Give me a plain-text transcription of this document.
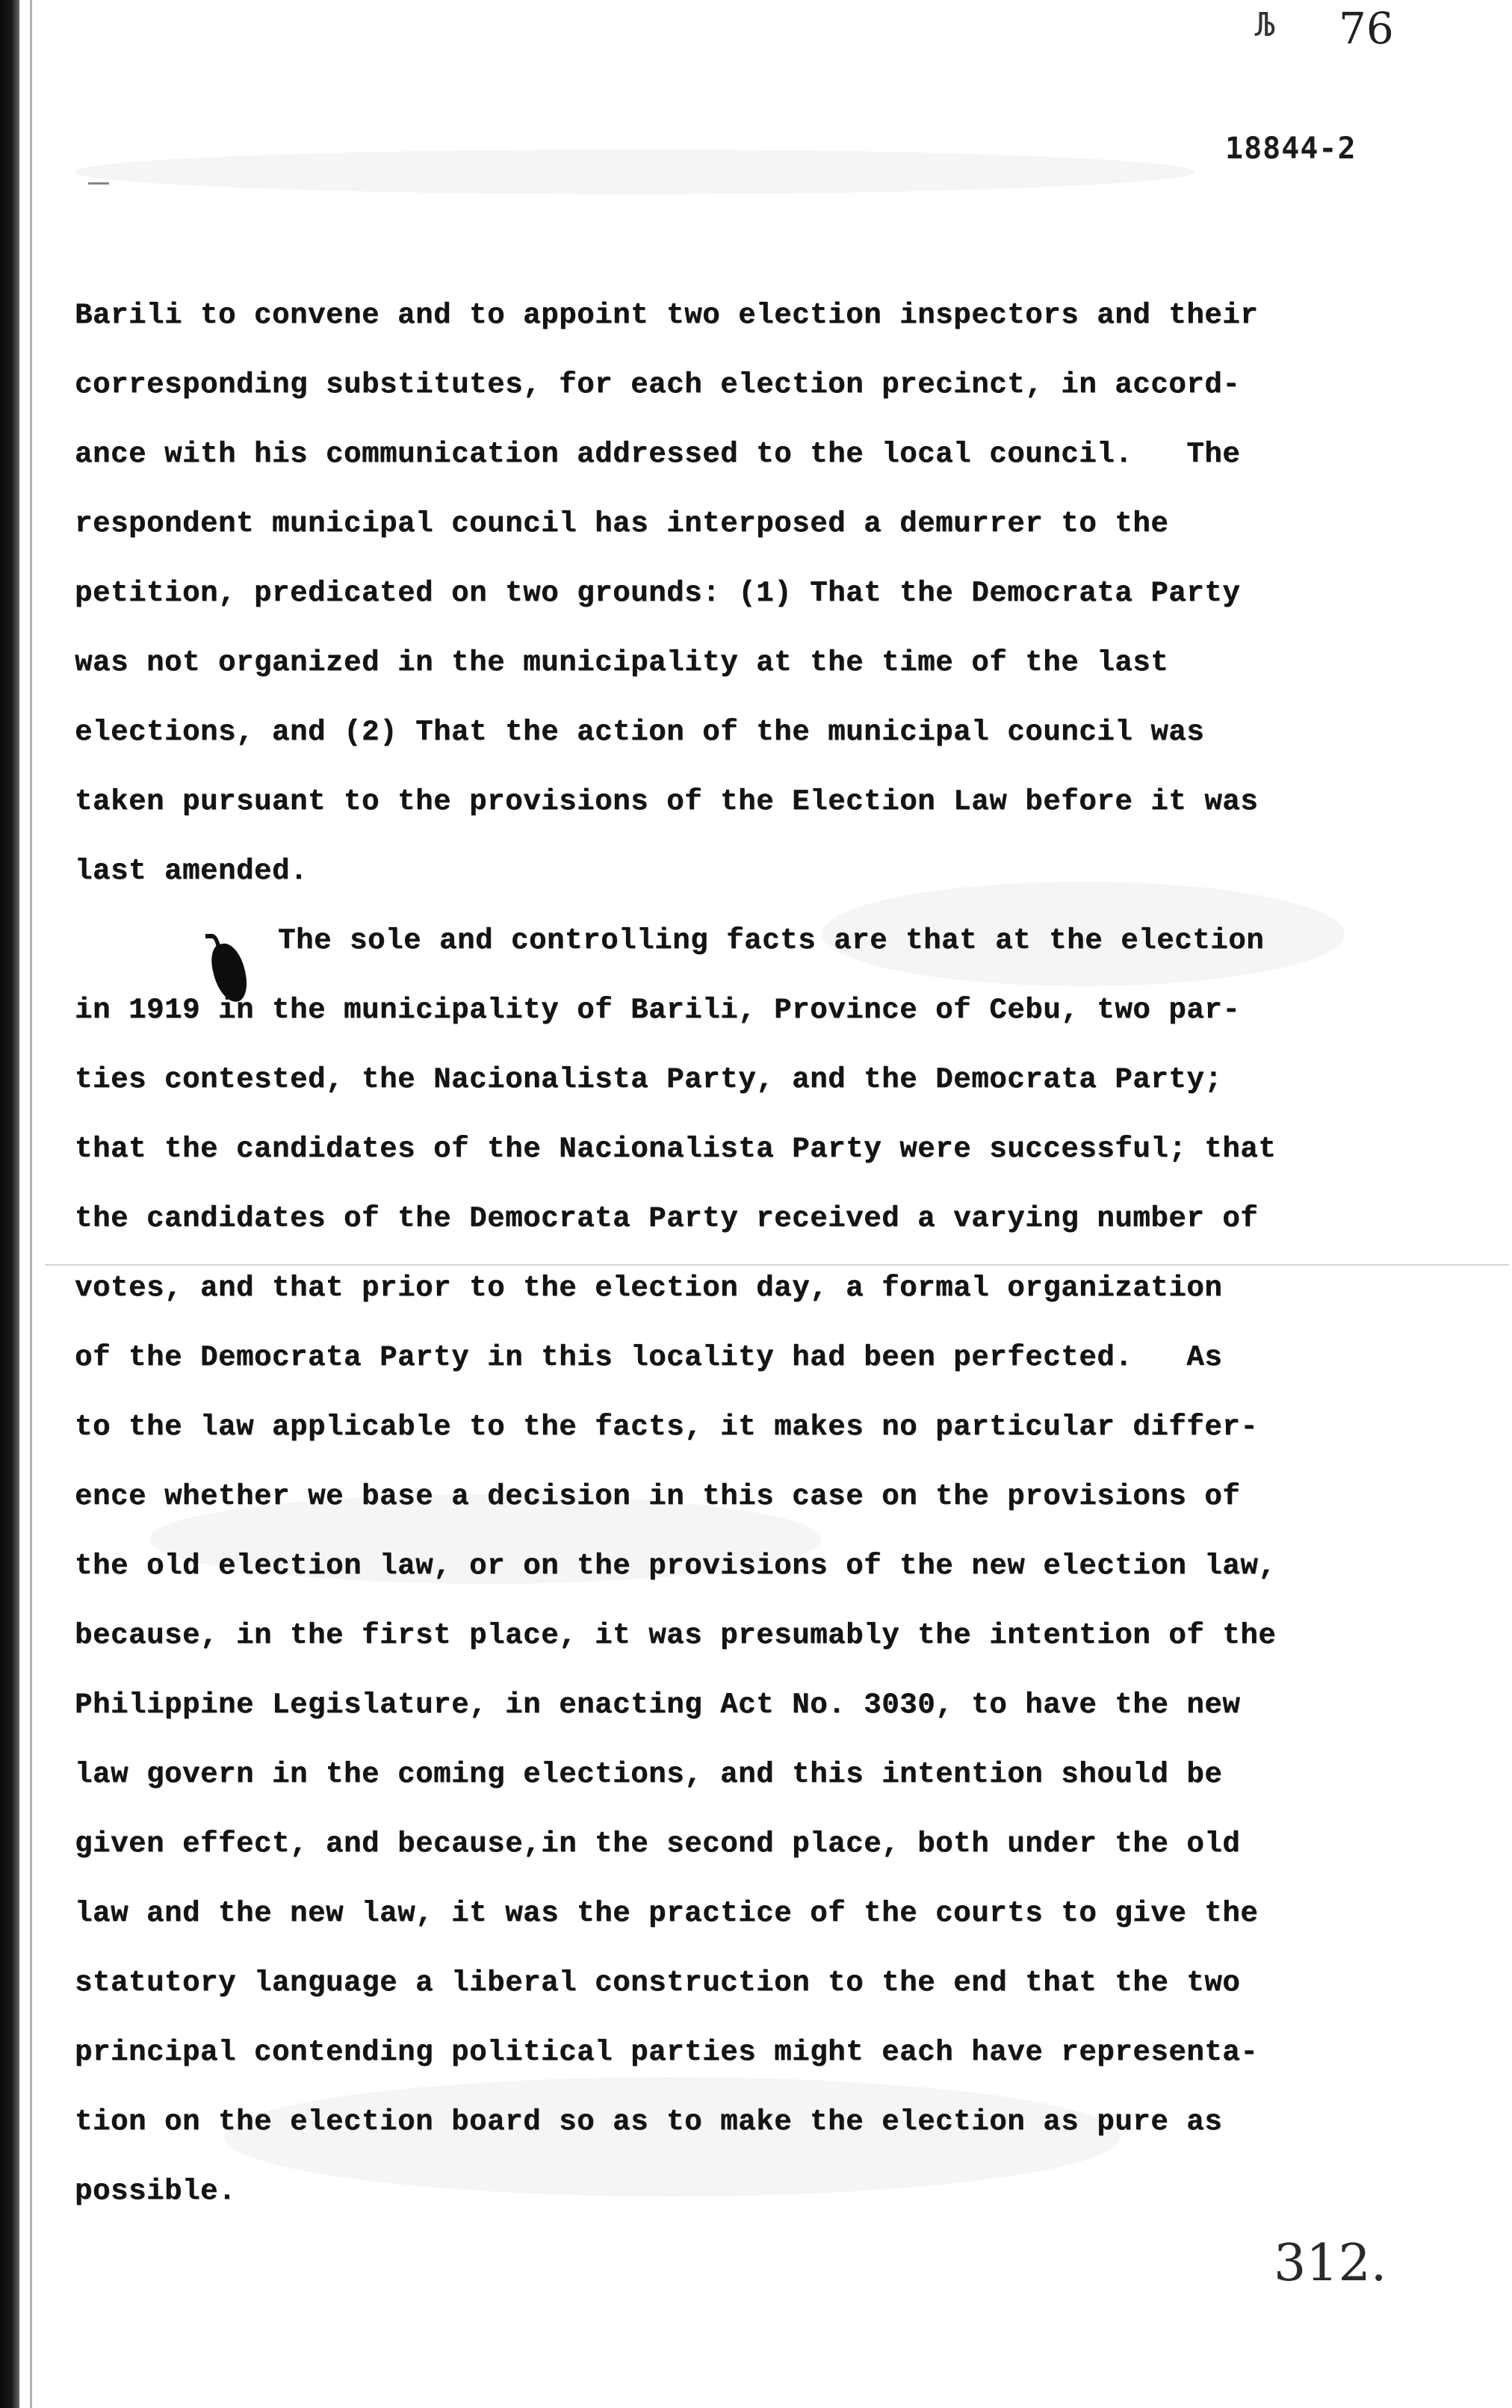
Љ 76
18844-2
Barili to convene and to appoint two election inspectors and their
corresponding substitutes, for each election precinct, in accord-
ance with his communication addressed to the local council.   The
respondent municipal council has interposed a demurrer to the
petition, predicated on two grounds: (1) That the Democrata Party
was not organized in the municipality at the time of the last
elections, and (2) That the action of the municipal council was
taken pursuant to the provisions of the Election Law before it was
last amended.
The sole and controlling facts are that at the election
in 1919 in the municipality of Barili, Province of Cebu, two par-
ties contested, the Nacionalista Party, and the Democrata Party;
that the candidates of the Nacionalista Party were successful; that
the candidates of the Democrata Party received a varying number of
votes, and that prior to the election day, a formal organization
of the Democrata Party in this locality had been perfected.   As
to the law applicable to the facts, it makes no particular differ-
ence whether we base a decision in this case on the provisions of
the old election law, or on the provisions of the new election law,
because, in the first place, it was presumably the intention of the
Philippine Legislature, in enacting Act No. 3030, to have the new
law govern in the coming elections, and this intention should be
given effect, and because,in the second place, both under the old
law and the new law, it was the practice of the courts to give the
statutory language a liberal construction to the end that the two
principal contending political parties might each have representa-
tion on the election board so as to make the election as pure as
possible.
312.
